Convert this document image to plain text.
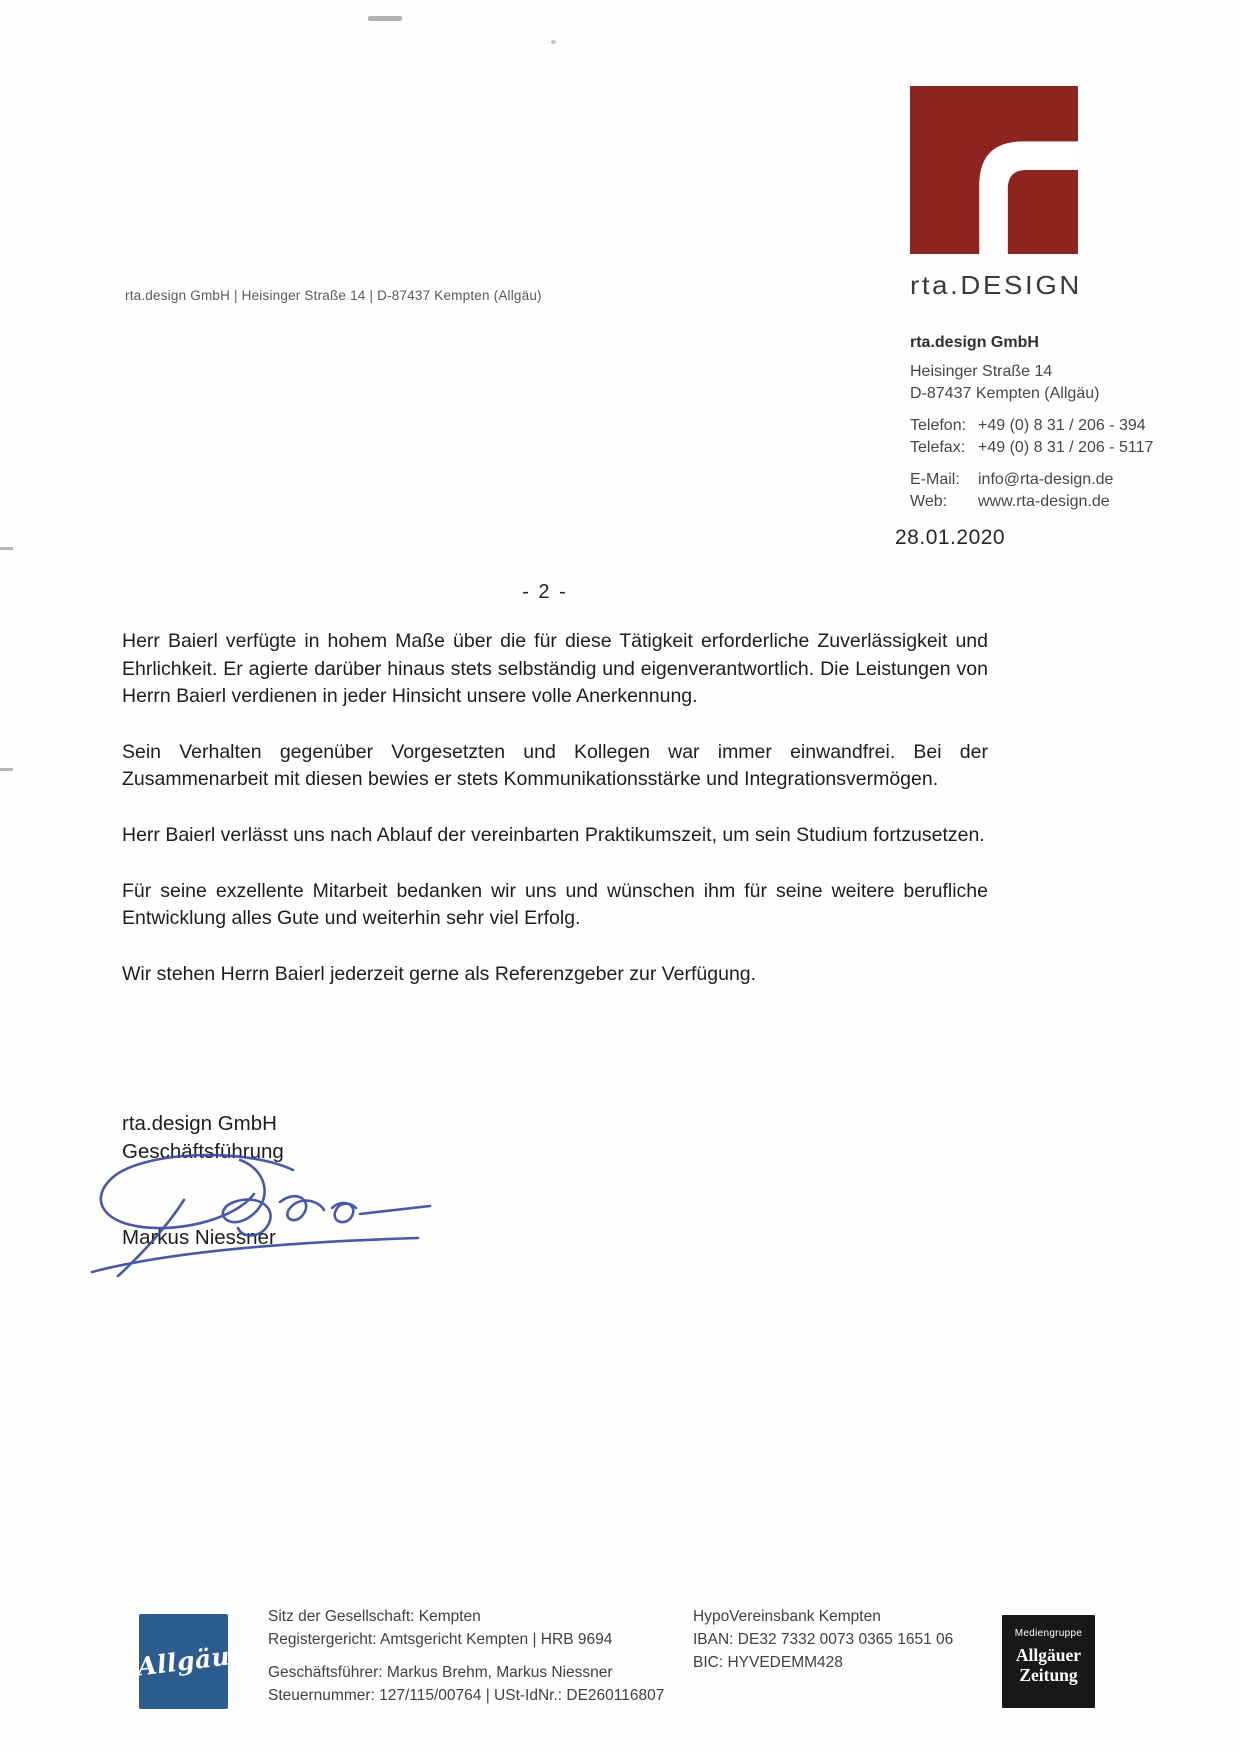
rta.design GmbH | Heisinger Straße 14 | D-87437 Kempten (Allgäu)	rta.DESIGN
rta.design GmbH
Heisinger Straße 14
D-87437 Kempten (Allgäu)
Telefon: +49 (0) 8 31 / 206 - 394
Telefax: +49 (0) 8 31 / 206 - 5117
E-Mail:	info@rta-design.de
Web:	www.rta-design.de
28.01.2020
- 2 -

Herr Baierl verfügte in hohem Maße über die für diese Tätigkeit erforderliche Zuverlässigkeit und Ehrlichkeit. Er agierte darüber hinaus stets selbständig und eigenverantwortlich. Die Leistungen von Herrn Baierl verdienen in jeder Hinsicht unsere volle Anerkennung.

Sein Verhalten gegenüber Vorgesetzten und Kollegen war immer einwandfrei. Bei der Zusammenarbeit mit diesen bewies er stets Kommunikationsstärke und Integrationsvermögen.

Herr Baierl verlässt uns nach Ablauf der vereinbarten Praktikumszeit, um sein Studium fortzusetzen.

Für seine exzellente Mitarbeit bedanken wir uns und wünschen ihm für seine weitere berufliche Entwicklung alles Gute und weiterhin sehr viel Erfolg.

Wir stehen Herrn Baierl jederzeit gerne als Referenzgeber zur Verfügung.

rta.design GmbH
Geschäftsführung
Markus Niessner
Allgäu
Sitz der Gesellschaft: Kempten
Registergericht: Amtsgericht Kempten | HRB 9694
Geschäftsführer: Markus Brehm, Markus Niessner
Steuernummer: 127/115/00764 | USt-IdNr.: DE260116807
HypoVereinsbank Kempten
IBAN: DE32 7332 0073 0365 1651 06
BIC: HYVEDEMM428
Mediengruppe
Allgäuer
Zeitung
